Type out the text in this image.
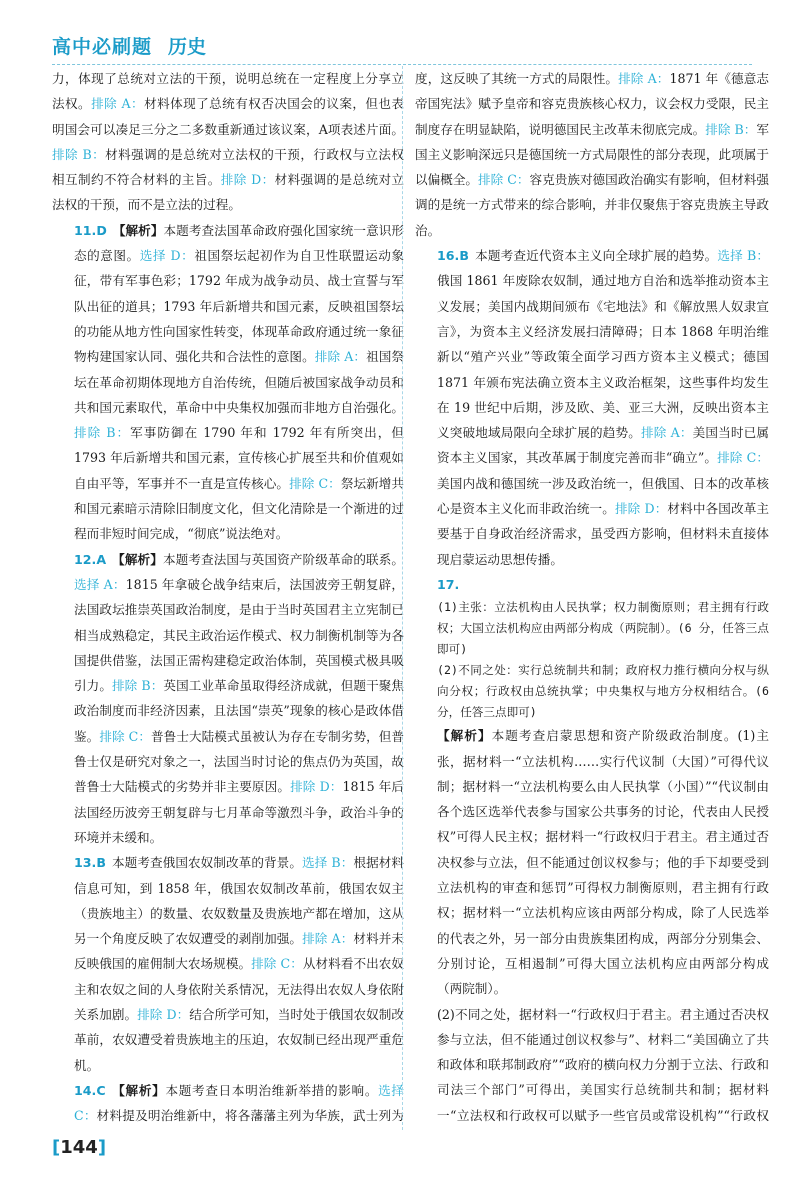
高中必刷题 历史

力，体现了总统对立法的干预，说明总统在一定程度上分享立法权。排除 A：材料体现了总统有权否决国会的议案，但也表明国会可以凑足三分之二多数重新通过该议案，A项表述片面。排除 B：材料强调的是总统对立法权的干预，行政权与立法权相互制约不符合材料的主旨。排除 D：材料强调的是总统对立法权的干预，而不是立法的过程。

11.D 【解析】本题考查法国革命政府强化国家统一意识形态的意图。选择 D：祖国祭坛起初作为自卫性联盟运动象征，带有军事色彩；1792 年成为战争动员、战士宣誓与军队出征的道具；1793 年后新增共和国元素，反映祖国祭坛的功能从地方性向国家性转变，体现革命政府通过统一象征物构建国家认同、强化共和合法性的意图。排除 A：祖国祭坛在革命初期体现地方自治传统，但随后被国家战争动员和共和国元素取代，革命中中央集权加强而非地方自治强化。排除 B：军事防御在 1790 年和 1792 年有所突出，但 1793 年后新增共和国元素，宣传核心扩展至共和价值观如自由平等，军事并不一直是宣传核心。排除 C：祭坛新增共和国元素暗示清除旧制度文化，但文化清除是一个渐进的过程而非短时间完成，“彻底”说法绝对。

12.A 【解析】本题考查法国与英国资产阶级革命的联系。选择 A：1815 年拿破仑战争结束后，法国波旁王朝复辟，法国政坛推崇英国政治制度，是由于当时英国君主立宪制已相当成熟稳定，其民主政治运作模式、权力制衡机制等为各国提供借鉴，法国正需构建稳定政治体制，英国模式极具吸引力。排除 B：英国工业革命虽取得经济成就，但题干聚焦政治制度而非经济因素，且法国“崇英”现象的核心是政体借鉴。排除 C：普鲁士大陆模式虽被认为存在专制劣势，但普鲁士仅是研究对象之一，法国当时讨论的焦点仍为英国，故普鲁士大陆模式的劣势并非主要原因。排除 D：1815 年后法国经历波旁王朝复辟与七月革命等激烈斗争，政治斗争的环境并未缓和。

13.B 本题考查俄国农奴制改革的背景。选择 B：根据材料信息可知，到 1858 年，俄国农奴制改革前，俄国农奴主（贵族地主）的数量、农奴数量及贵族地产都在增加，这从另一个角度反映了农奴遭受的剥削加强。排除 A：材料并未反映俄国的雇佣制大农场规模。排除 C：从材料看不出农奴主和农奴之间的人身依附关系情况，无法得出农奴人身依附关系加剧。排除 D：结合所学可知，当时处于俄国农奴制改革前，农奴遭受着贵族地主的压迫，农奴制已经出现严重危机。

14.C 【解析】本题考查日本明治维新举措的影响。选择 C：材料提及明治维新中，将各藩藩主列为华族，武士列为

度，这反映了其统一方式的局限性。排除 A：1871 年《德意志帝国宪法》赋予皇帝和容克贵族核心权力，议会权力受限，民主制度存在明显缺陷，说明德国民主改革未彻底完成。排除 B：军国主义影响深远只是德国统一方式局限性的部分表现，此项属于以偏概全。排除 C：容克贵族对德国政治确实有影响，但材料强调的是统一方式带来的综合影响，并非仅聚焦于容克贵族主导政治。

16.B 本题考查近代资本主义向全球扩展的趋势。选择 B：俄国 1861 年废除农奴制，通过地方自治和选举推动资本主义发展；美国内战期间颁布《宅地法》和《解放黑人奴隶宣言》，为资本主义经济发展扫清障碍；日本 1868 年明治维新以“殖产兴业”等政策全面学习西方资本主义模式；德国 1871 年颁布宪法确立资本主义政治框架，这些事件均发生在 19 世纪中后期，涉及欧、美、亚三大洲，反映出资本主义突破地域局限向全球扩展的趋势。排除 A：美国当时已属资本主义国家，其改革属于制度完善而非“确立”。排除 C：美国内战和德国统一涉及政治统一，但俄国、日本的改革核心是资本主义化而非政治统一。排除 D：材料中各国改革主要基于自身政治经济需求，虽受西方影响，但材料未直接体现启蒙运动思想传播。

17.
(1)主张：立法机构由人民执掌；权力制衡原则；君主拥有行政权；大国立法机构应由两部分构成（两院制）。(6 分，任答三点即可)
(2)不同之处：实行总统制共和制；政府权力推行横向分权与纵向分权；行政权由总统执掌；中央集权与地方分权相结合。(6 分，任答三点即可)

【解析】本题考查启蒙思想和资产阶级政治制度。(1)主张，据材料一“立法机构……实行代议制（大国）”可得代议制；据材料一“立法机构要么由人民执掌（小国）”“代议制由各个选区选举代表参与国家公共事务的讨论，代表由人民授权”可得人民主权；据材料一“行政权归于君主。君主通过否决权参与立法，但不能通过创议权参与；他的手下却要受到立法机构的审查和惩罚”可得权力制衡原则，君主拥有行政权；据材料一“立法机构应该由两部分构成，除了人民选举的代表之外，另一部分由贵族集团构成，两部分分别集会、分别讨论，互相遏制”可得大国立法机构应由两部分构成（两院制）。

(2)不同之处，据材料一“行政权归于君主。君主通过否决权参与立法，但不能通过创议权参与”、材料二“美国确立了共和政体和联邦制政府”“政府的横向权力分割于立法、行政和司法三个部门”可得出，美国实行总统制共和制；据材料一“立法权和行政权可以赋予一些官员或常设机构”“行政权

[144]
